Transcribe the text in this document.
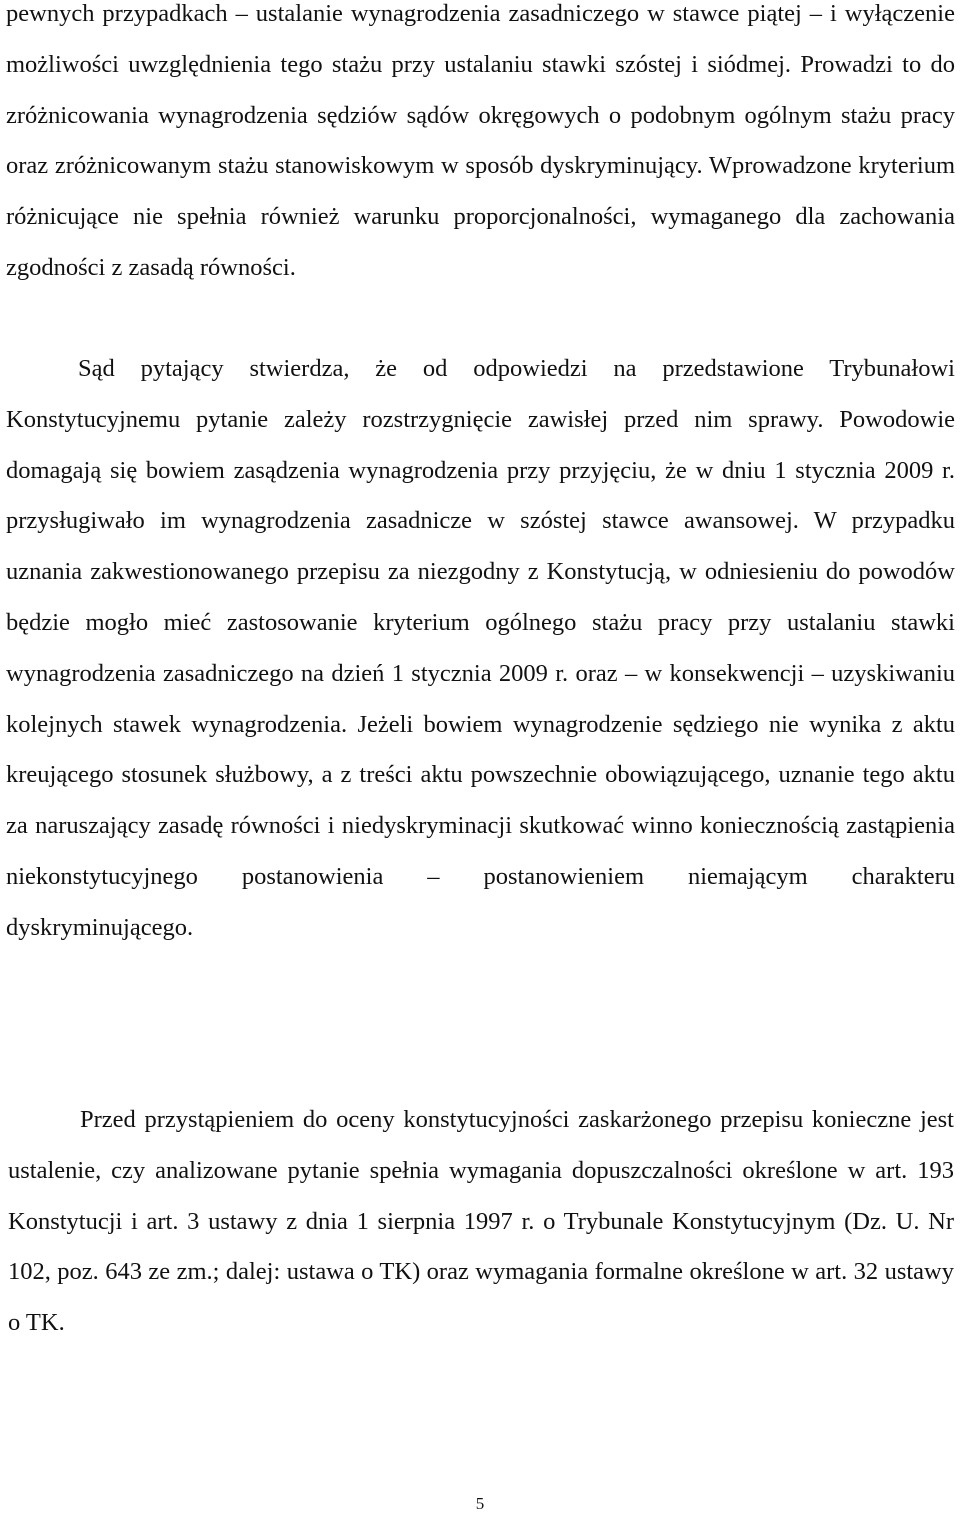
pewnych przypadkach – ustalanie wynagrodzenia zasadniczego w stawce piątej – i wyłączenie możliwości uwzględnienia tego stażu przy ustalaniu stawki szóstej i siódmej. Prowadzi to do zróżnicowania wynagrodzenia sędziów sądów okręgowych o podobnym ogólnym stażu pracy oraz zróżnicowanym stażu stanowiskowym w sposób dyskryminujący. Wprowadzone kryterium różnicujące nie spełnia również warunku proporcjonalności, wymaganego dla zachowania zgodności z zasadą równości.

Sąd pytający stwierdza, że od odpowiedzi na przedstawione Trybunałowi Konstytucyjnemu pytanie zależy rozstrzygnięcie zawisłej przed nim sprawy. Powodowie domagają się bowiem zasądzenia wynagrodzenia przy przyjęciu, że w dniu 1 stycznia 2009 r. przysługiwało im wynagrodzenia zasadnicze w szóstej stawce awansowej. W przypadku uznania zakwestionowanego przepisu za niezgodny z Konstytucją, w odniesieniu do powodów będzie mogło mieć zastosowanie kryterium ogólnego stażu pracy przy ustalaniu stawki wynagrodzenia zasadniczego na dzień 1 stycznia 2009 r. oraz – w konsekwencji – uzyskiwaniu kolejnych stawek wynagrodzenia. Jeżeli bowiem wynagrodzenie sędziego nie wynika z aktu kreującego stosunek służbowy, a z treści aktu powszechnie obowiązującego, uznanie tego aktu za naruszający zasadę równości i niedyskryminacji skutkować winno koniecznością zastąpienia niekonstytucyjnego postanowienia – postanowieniem niemającym charakteru dyskryminującego.

Przed przystąpieniem do oceny konstytucyjności zaskarżonego przepisu konieczne jest ustalenie, czy analizowane pytanie spełnia wymagania dopuszczalności określone w art. 193 Konstytucji i art. 3 ustawy z dnia 1 sierpnia 1997 r. o Trybunale Konstytucyjnym (Dz. U. Nr 102, poz. 643 ze zm.; dalej: ustawa o TK) oraz wymagania formalne określone w art. 32 ustawy o TK.

5
